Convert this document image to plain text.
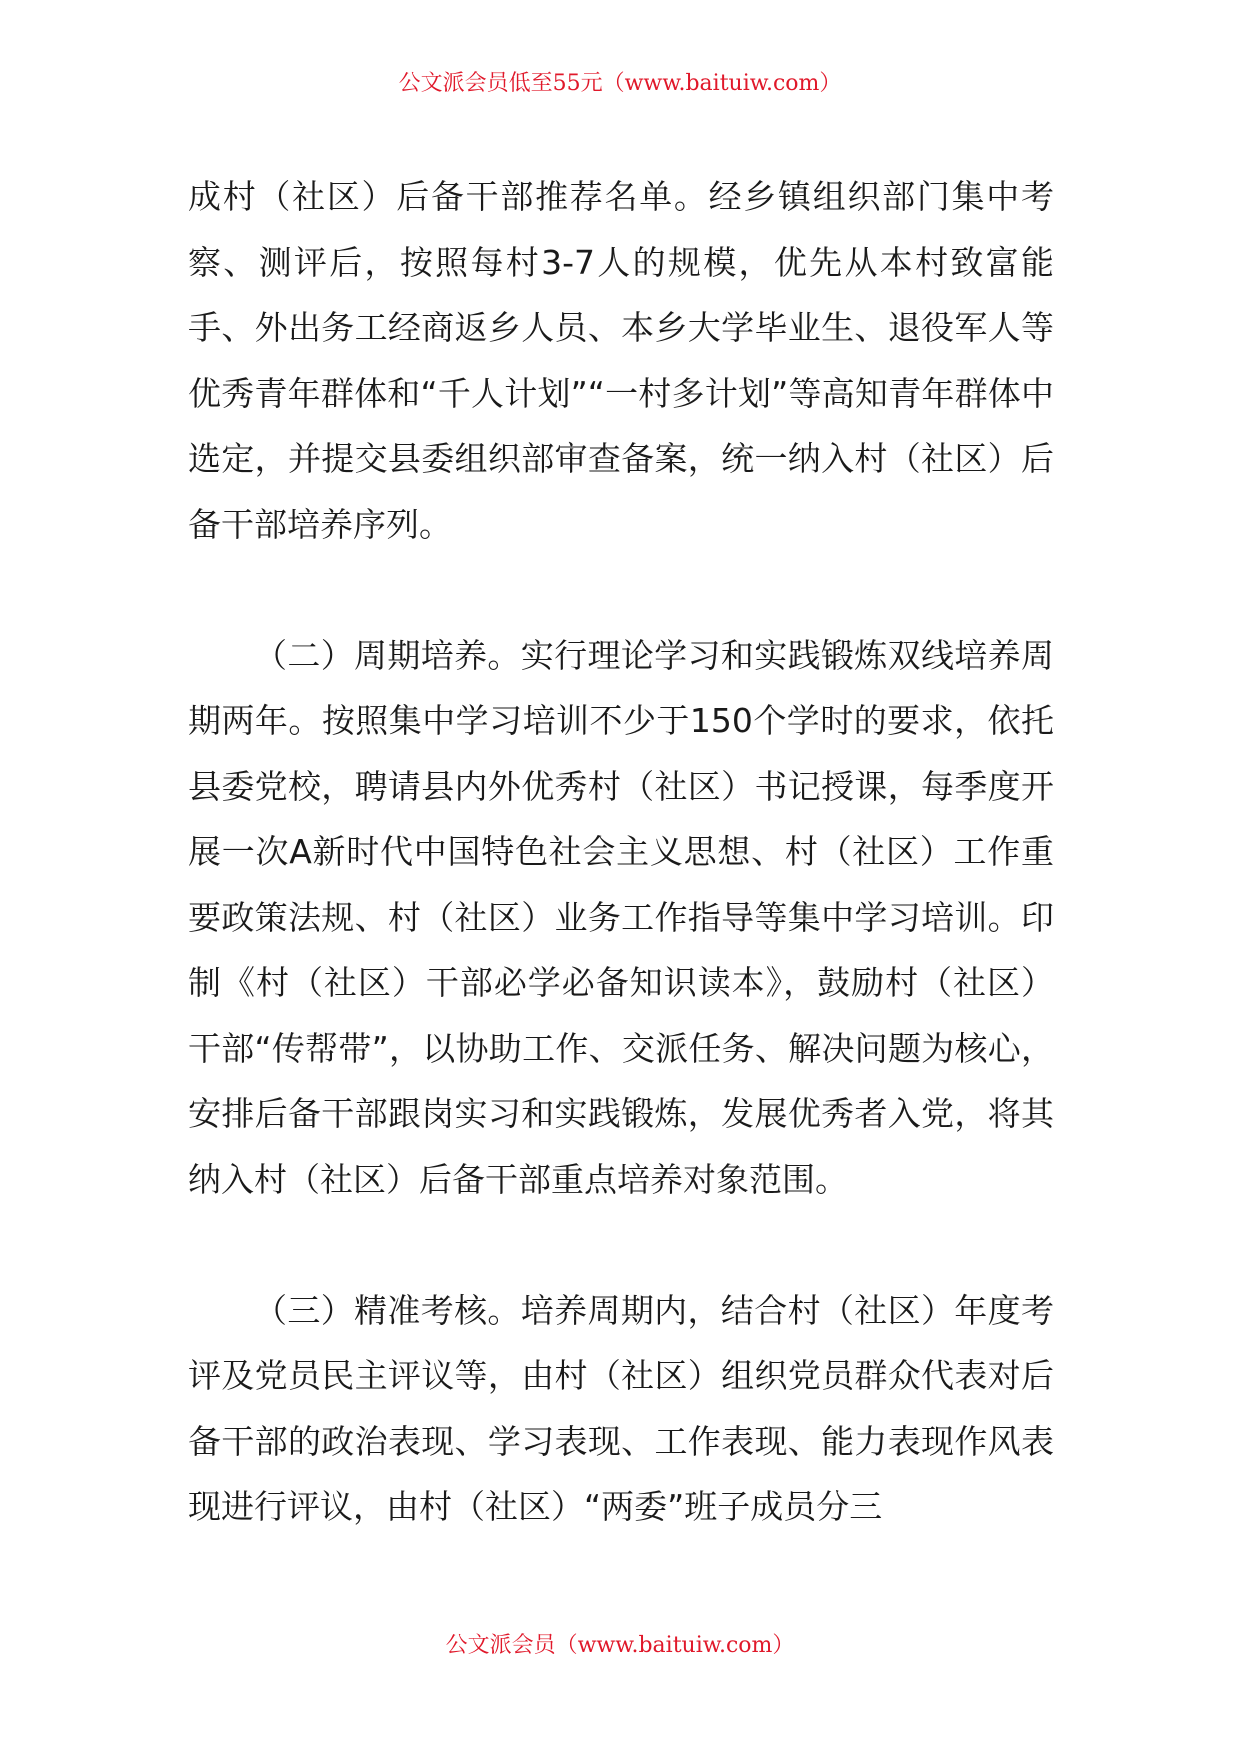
公文派会员低至55元（www.baituiw.com）

成村（社区）后备干部推荐名单。经乡镇组织部门集中考察、测评后，按照每村3-7人的规模，优先从本村致富能手、外出务工经商返乡人员、本乡大学毕业生、退役军人等优秀青年群体和“千人计划”“一村多计划”等高知青年群体中选定，并提交县委组织部审查备案，统一纳入村（社区）后备干部培养序列。

（二）周期培养。实行理论学习和实践锻炼双线培养周期两年。按照集中学习培训不少于150个学时的要求，依托县委党校，聘请县内外优秀村（社区）书记授课，每季度开展一次A新时代中国特色社会主义思想、村（社区）工作重要政策法规、村（社区）业务工作指导等集中学习培训。印制《村（社区）干部必学必备知识读本》，鼓励村（社区）干部“传帮带”，以协助工作、交派任务、解决问题为核心，安排后备干部跟岗实习和实践锻炼，发展优秀者入党，将其纳入村（社区）后备干部重点培养对象范围。

（三）精准考核。培养周期内，结合村（社区）年度考评及党员民主评议等，由村（社区）组织党员群众代表对后备干部的政治表现、学习表现、工作表现、能力表现作风表现进行评议，由村（社区）“两委”班子成员分三

公文派会员（www.baituiw.com）
